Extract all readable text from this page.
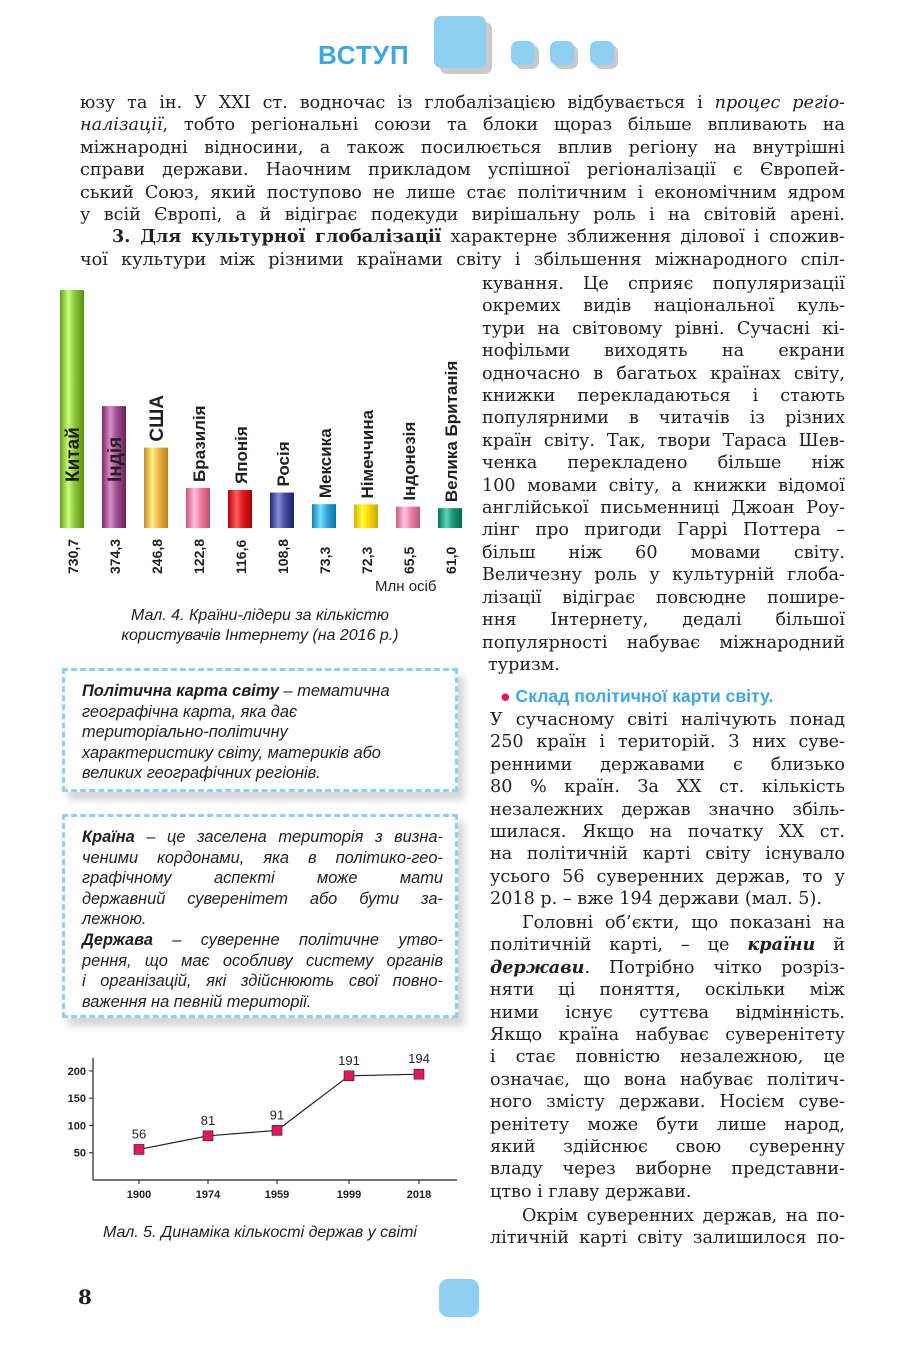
ВСТУП
юзу та ін. У XXI ст. водночас із глобалізацією відбувається і процес регіо-
налізації, тобто регіональні союзи та блоки щораз більше впливають на
міжнародні відносини, а також посилюється вплив регіону на внутрішні
справи держави. Наочним прикладом успішної регіоналізації є Європей-
ський Союз, який поступово не лише стає політичним і економічним ядром
у всій Європі, а й відіграє подекуди вирішальну роль і на світовій арені.
3. Для культурної глобалізації характерне зближення ділової і спожив-
чої культури між різними країнами світу і збільшення міжнародного спіл-
Китай
730,7
Індія
374,3
США
246,8
Бразилія
122,8
Японія
116,6
Росія
108,8
Мексика
73,3
Німеччина
72,3
Індонезія
65,5
Велика Британія
61,0
Млн осіб
Мал. 4. Країни-лідери за кількістю
користувачів Інтернету (на 2016 р.)
кування. Це сприяє популяризації
окремих видів національної куль-
тури на світовому рівні. Сучасні кі-
нофільми виходять на екрани
одночасно в багатьох країнах світу,
книжки перекладаються і стають
популярними в читачів із різних
країн світу. Так, твори Тараса Шев-
ченка перекладено більше ніж
100 мовами світу, а книжки відомої
англійської письменниці Джоан Роу-
лінг про пригоди Гаррі Поттера –
більш ніж 60 мовами світу.
Величезну роль у культурній глоба-
лізації відіграє повсюдне пошире-
ння Інтернету, дедалі більшої
популярності набуває міжнародний
туризм.
● Склад політичної карти світу.
У сучасному світі налічують понад
250 країн і територій. З них суве-
ренними державами є близько
80 % країн. За XX ст. кількість
незалежних держав значно збіль-
шилася. Якщо на початку XX ст.
на політичній карті світу існувало
усього 56 суверенних держав, то у
2018 р. – вже 194 держави (мал. 5).
Головні об’єкти, що показані на
політичній карті, – це країни й
держави. Потрібно чітко розріз-
няти ці поняття, оскільки між
ними існує суттєва відмінність.
Якщо країна набуває суверенітету
і стає повністю незалежною, це
означає, що вона набуває політич-
ного змісту держави. Носієм суве-
ренітету може бути лише народ,
який здійснює свою суверенну
владу через виборне представни-
цтво і главу держави.
Окрім суверенних держав, на по-
літичній карті світу залишилося по-
Політична карта світу – тематична
географічна карта, яка дає
територіально-політичну
характеристику світу, материків або
великих географічних регіонів.
Країна – це заселена територія з визна-
ченими кордонами, яка в політико-гео-
графічному аспекті може мати
державний суверенітет або бути за-
лежною.
Держава – суверенне політичне утво-
рення, що має особливу систему органів
і організацій, які здійснюють свої повно-
важення на певній території.
200
150
100
50
56
1900
81
1974
91
1959
191
1999
194
2018
Мал. 5. Динаміка кількості держав у світі
8
